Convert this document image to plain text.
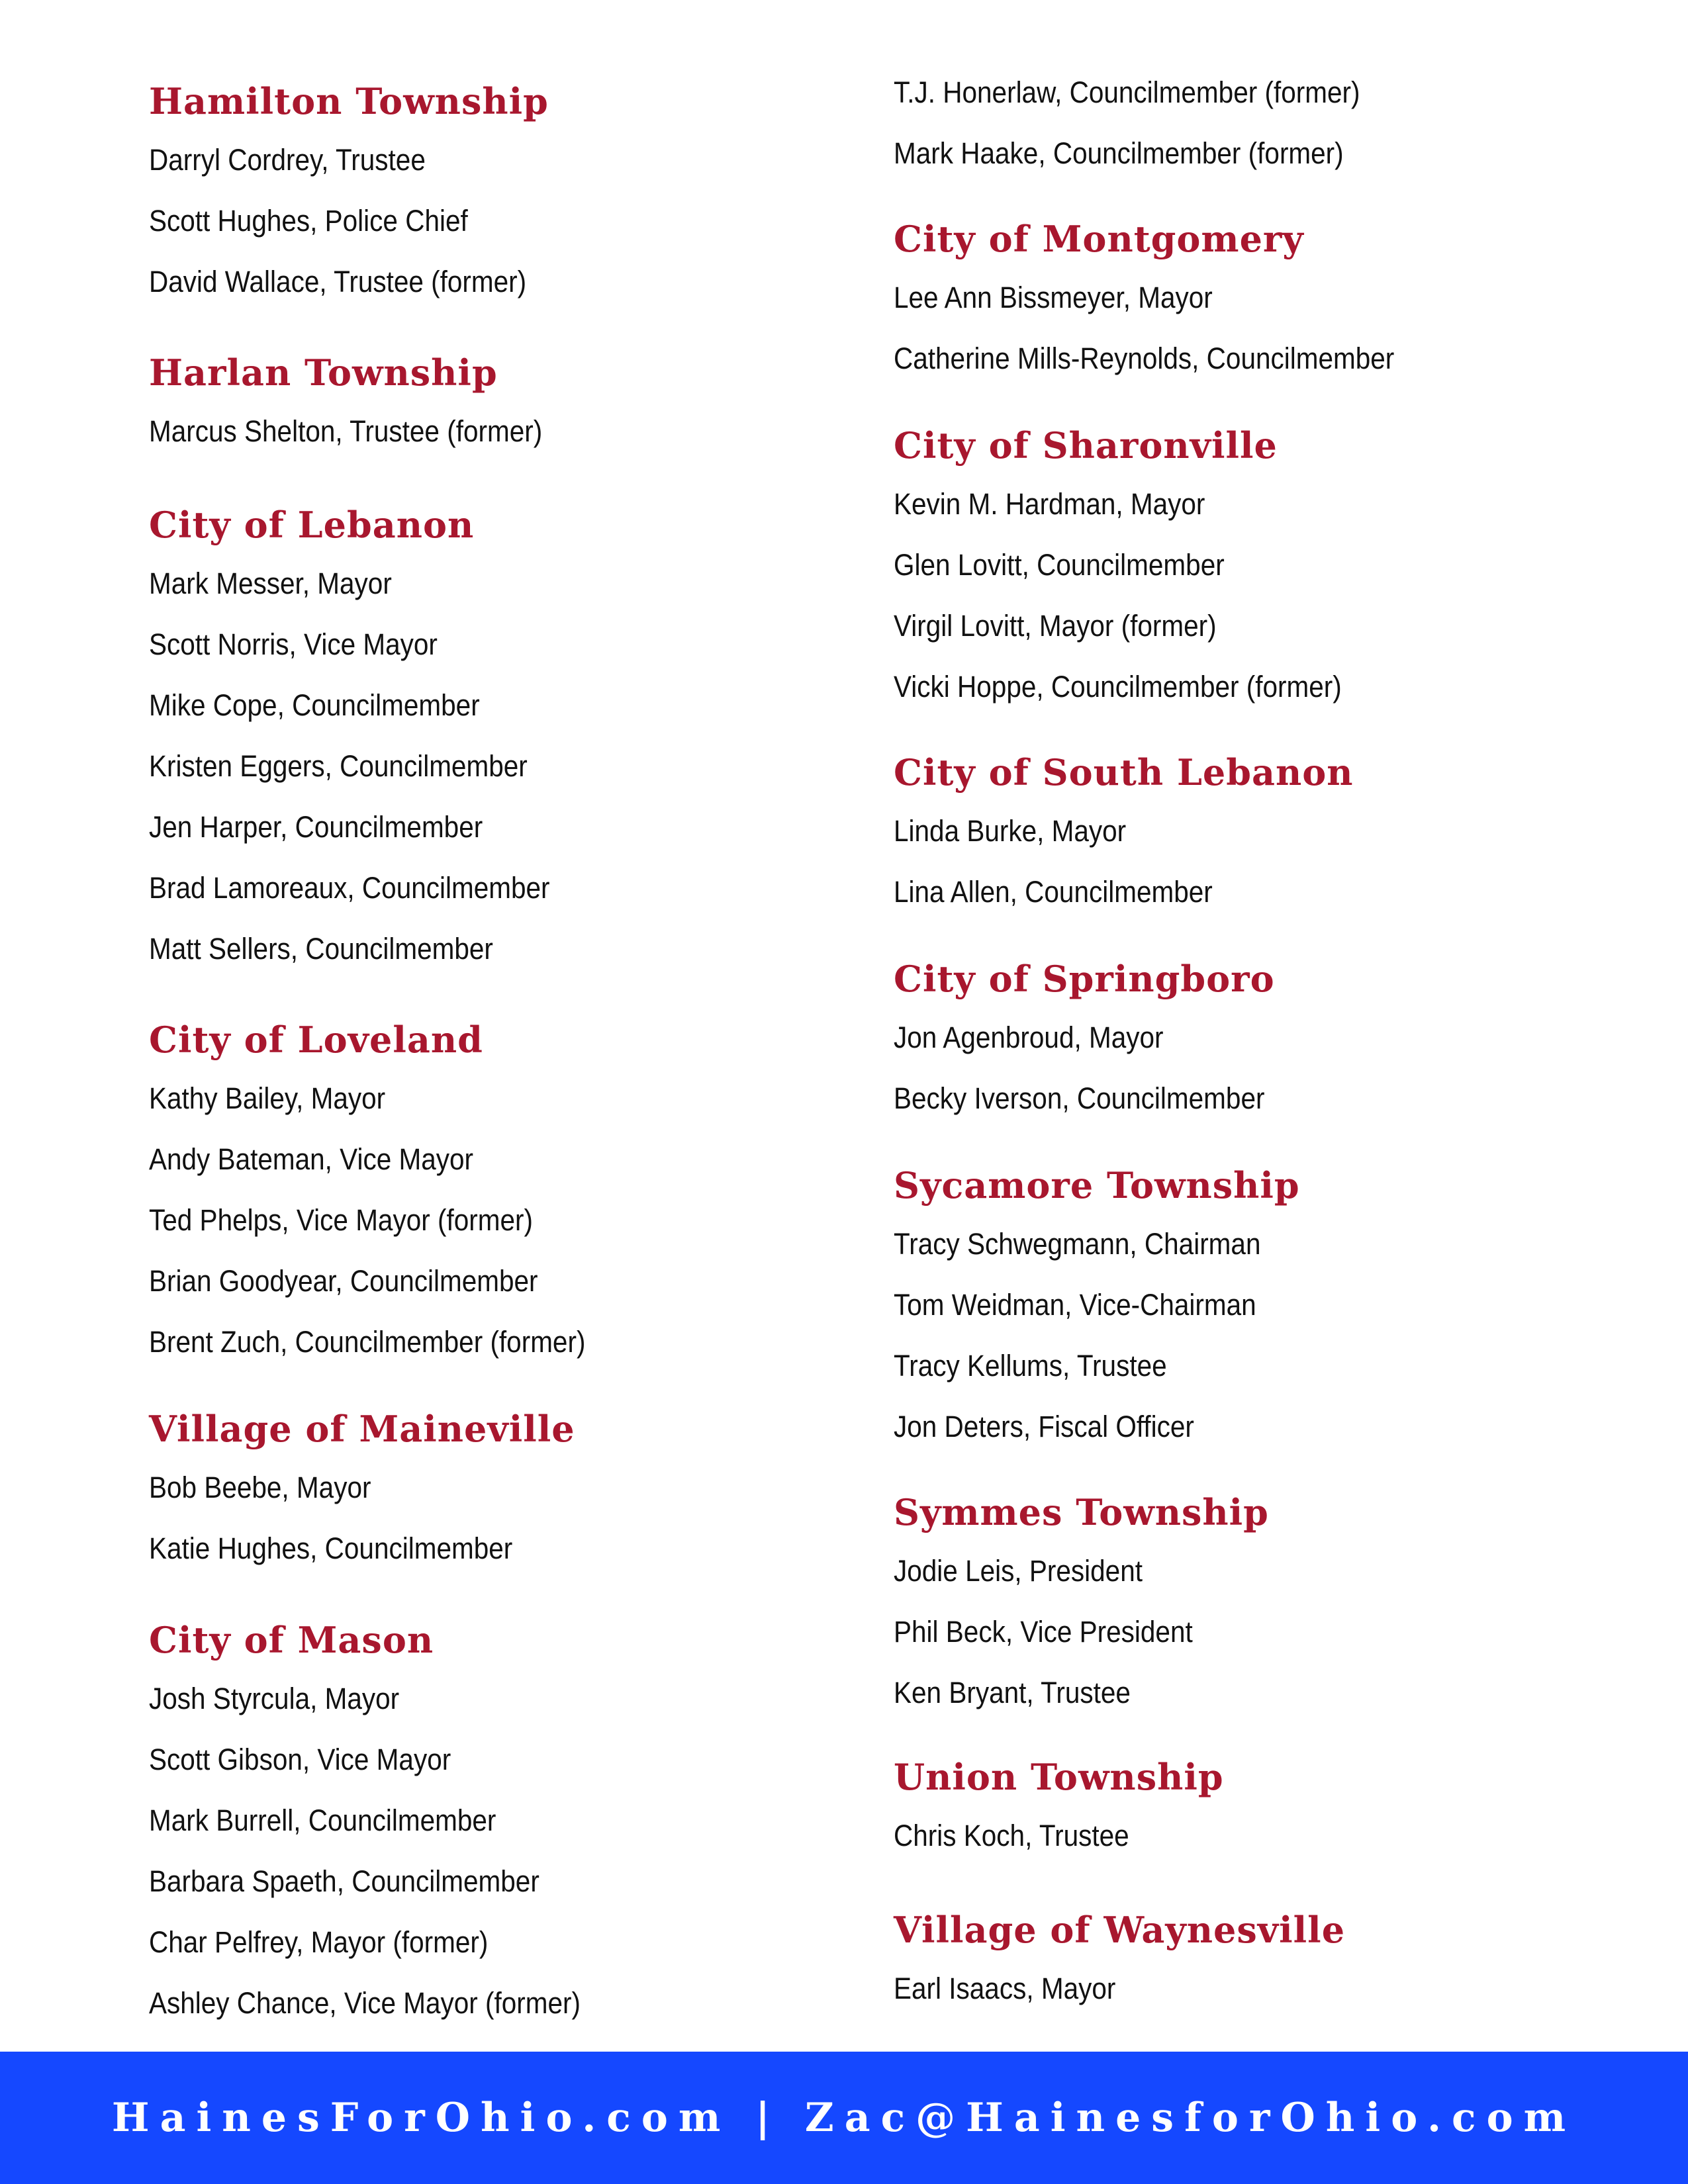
Hamilton Township
Darryl Cordrey, Trustee
Scott Hughes, Police Chief
David Wallace, Trustee (former)
Harlan Township
Marcus Shelton, Trustee (former)
City of Lebanon
Mark Messer, Mayor
Scott Norris, Vice Mayor
Mike Cope, Councilmember
Kristen Eggers, Councilmember
Jen Harper, Councilmember
Brad Lamoreaux, Councilmember
Matt Sellers, Councilmember
City of Loveland
Kathy Bailey, Mayor
Andy Bateman, Vice Mayor
Ted Phelps, Vice Mayor (former)
Brian Goodyear, Councilmember
Brent Zuch, Councilmember (former)
Village of Maineville
Bob Beebe, Mayor
Katie Hughes, Councilmember
City of Mason
Josh Styrcula, Mayor
Scott Gibson, Vice Mayor
Mark Burrell, Councilmember
Barbara Spaeth, Councilmember
Char Pelfrey, Mayor (former)
Ashley Chance, Vice Mayor (former)
T.J. Honerlaw, Councilmember (former)
Mark Haake, Councilmember (former)
City of Montgomery
Lee Ann Bissmeyer, Mayor
Catherine Mills-Reynolds, Councilmember
City of Sharonville
Kevin M. Hardman, Mayor
Glen Lovitt, Councilmember
Virgil Lovitt, Mayor (former)
Vicki Hoppe, Councilmember (former)
City of South Lebanon
Linda Burke, Mayor
Lina Allen, Councilmember
City of Springboro
Jon Agenbroud, Mayor
Becky Iverson, Councilmember
Sycamore Township
Tracy Schwegmann, Chairman
Tom Weidman, Vice-Chairman
Tracy Kellums, Trustee
Jon Deters, Fiscal Officer
Symmes Township
Jodie Leis, President
Phil Beck, Vice President
Ken Bryant, Trustee
Union Township
Chris Koch, Trustee
Village of Waynesville
Earl Isaacs, Mayor
HainesForOhio.com | Zac@HainesforOhio.com
